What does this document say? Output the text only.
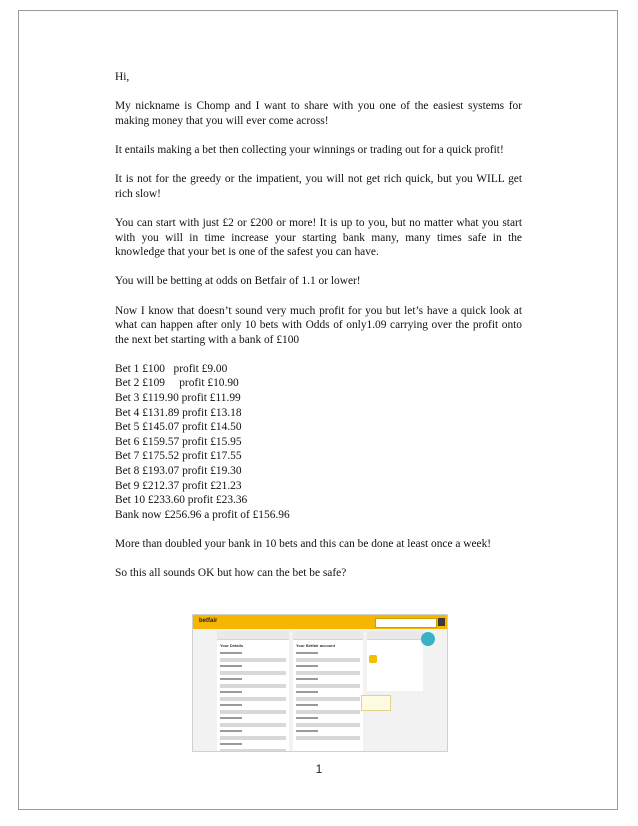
Hi,

My nickname is Chomp and I want to share with you one of the easiest systems for making money that you will ever come across!

It entails making a bet then collecting your winnings or trading out for a quick profit!

It is not for the greedy or the impatient, you will not get rich quick, but you WILL get rich slow!

You can start with just £2 or £200 or more! It is up to you, but no matter what you start with you will in time increase your starting bank many, many times safe in the knowledge that your bet is one of the safest you can have.

You will be betting at odds on Betfair of 1.1 or lower!

Now I know that doesn’t sound very much profit for you but let’s have a quick look at what can happen after only 10 bets with Odds of only1.09 carrying over the profit onto the next bet starting with a bank of £100

Bet 1 £100   profit £9.00
Bet 2 £109     profit £10.90
Bet 3 £119.90 profit £11.99
Bet 4 £131.89 profit £13.18
Bet 5 £145.07 profit £14.50
Bet 6 £159.57 profit £15.95
Bet 7 £175.52 profit £17.55
Bet 8 £193.07 profit £19.30
Bet 9 £212.37 profit £21.23
Bet 10 £233.60 profit £23.36
Bank now £256.96 a profit of £156.96

More than doubled your bank in 10 bets and this can be done at least once a week!

So this all sounds OK but how can the bet be safe?

betfair
Your Details	Your Betfair account
1
